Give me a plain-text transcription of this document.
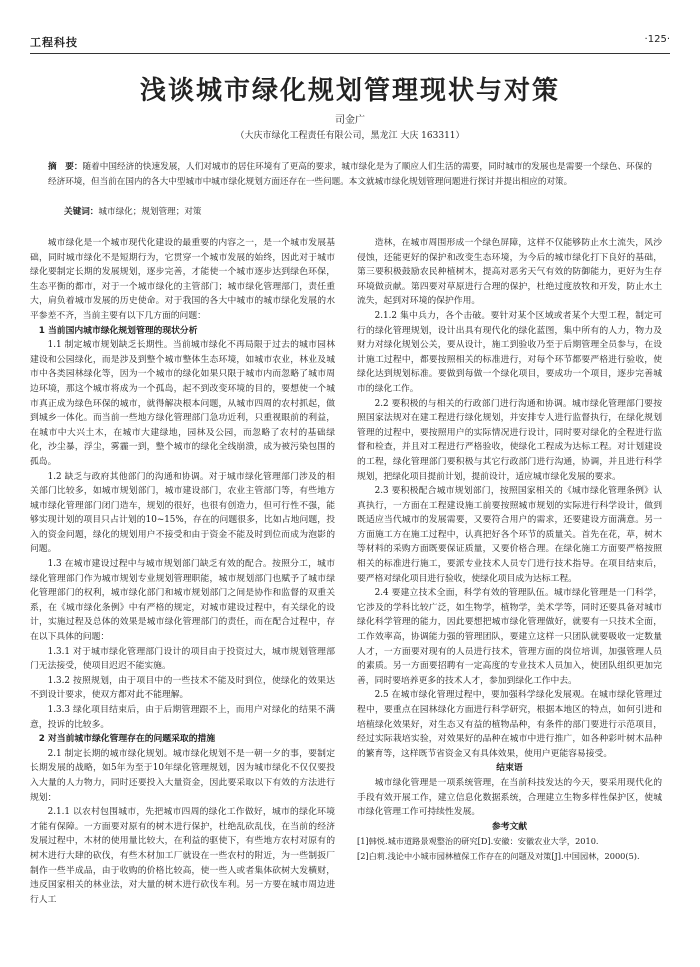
工程科技	·125·
浅谈城市绿化规划管理现状与对策
司金广
（大庆市绿化工程责任有限公司，黑龙江 大庆 163311）
摘　要：随着中国经济的快速发展，人们对城市的居住环境有了更高的要求，城市绿化是为了顺应人们生活的需要，同时城市的发展也是需要一个绿色、环保的经济环境，但当前在国内的各大中型城市中城市绿化规划方面还存在一些问题。本文就城市绿化规划管理问题进行探讨并提出相应的对策。
关键词：城市绿化；规划管理；对策

城市绿化是一个城市现代化建设的最重要的内容之一，是一个城市发展基础，同时城市绿化不是短期行为，它贯穿一个城市发展的始终，因此对于城市绿化要制定长期的发展规划，逐步完善，才能使一个城市逐步达到绿色环保，生态平衡的都市，对于一个城市绿化的主管部门；城市绿化管理部门，责任重大，肩负着城市发展的历史使命。对于我国的各大中城市的城市绿化发展的水平参差不齐，当前主要有以下几方面的问题：

1 当前国内城市绿化规划管理的现状分析

1.1 制定城市规划缺乏长期性。当前城市绿化不再局限于过去的城市园林建设和公园绿化，而是涉及到整个城市整体生态环境，如城市农业，林业及城市中各类园林绿化等，因为一个城市的绿化如果只限于城市内而忽略了城市周边环境，那这个城市将成为一个孤岛，起不到改变环境的目的，要想使一个城市真正成为绿色环保的城市，就得解决根本问题，从城市四周的农村抓起，做到城乡一体化。而当前一些地方绿化管理部门急功近利，只重视眼前的利益，在城市中大兴土木，在城市大建绿地，园林及公园，而忽略了农村的基础绿化，沙尘暴，浮尘，雾霾一到，整个城市的绿化全线崩溃，成为被污染包围的孤岛。

1.2 缺乏与政府其他部门的沟通和协调。对于城市绿化管理部门涉及的相关部门比较多，如城市规划部门，城市建设部门，农业主管部门等，有些地方城市绿化管理部门闭门造车，规划的很好，也很有创造力，但可行性不强，能够实现计划的项目只占计划的10~15%，存在的问题很多，比如占地问题，投入的资金问题，绿化的规划用户不接受和由于资金不能及时到位而成为泡影的问题。

1.3 在城市建设过程中与城市规划部门缺乏有效的配合。按照分工，城市绿化管理部门作为城市规划专业规划管理职能，城市规划部门也赋予了城市绿化管理部门的权利，城市绿化部门和城市规划部门之间是协作和监督的双重关系，在《城市绿化条例》中有严格的规定，对城市建设过程中，有关绿化的设计，实施过程及总体的效果是城市绿化管理部门的责任，而在配合过程中，存在以下具体的问题：

1.3.1 对于城市绿化管理部门设计的项目由于投资过大，城市规划管理部门无法接受，使项目迟迟不能实施。

1.3.2 按照规划，由于项目中的一些技术不能及时到位，使绿化的效果达不到设计要求，使双方都对此不能理解。

1.3.3 绿化项目结束后，由于后期管理跟不上，而用户对绿化的结果不满意，投诉的比较多。

2 对当前城市绿化管理存在的问题采取的措施

2.1 制定长期的城市绿化规划。城市绿化规划不是一朝一夕的事，要制定长期发展的战略，如5年为至于10年绿化管理规划，因为城市绿化不仅仅要投入大量的人力物力，同时还要投入大量资金，因此要采取以下有效的方法进行规划：

2.1.1 以农村包围城市，先把城市四周的绿化工作做好，城市的绿化环境才能有保障。一方面要对原有的树木进行保护，杜绝乱砍乱伐，在当前的经济发展过程中，木材的使用量比较大，在利益的驱使下，有些地方农村对原有的树木进行大肆的砍伐，有些木材加工厂就设在一些农村的附近，为一些制扳厂制作一些半成品，由于收购的价格比较高，使一些人或者集体砍树大发横财，违反国家相关的林业法，对大量的树木进行砍伐车利。另一方要在城市周边进行人工

造林，在城市周围形成一个绿色屏障，这样不仅能够防止水土流失，风沙侵蚀，还能更好的保护和改变生态环境，为今后的城市绿化打下良好的基础，第三要积极鼓励农民种植树木，提高对恶劣天气有效的防御能力，更好为生存环境做贡献。第四要对草原进行合理的保护，杜绝过度放牧和开发，防止水土流失，起到对环境的保护作用。

2.1.2 集中兵力，各个击破。要针对某个区域或者某个大型工程，制定可行的绿化管理规划，设计出具有现代化的绿化蓝图，集中所有的人力，物力及财力对绿化规划公关，要从设计，施工到验收乃至于后期管理全员参与，在设计施工过程中，都要按照相关的标准进行，对每个环节都要严格进行验收，使绿化达到规划标准。要做到每做一个绿化项目，要成功一个项目，逐步完善城市的绿化工作。

2.2 要积极的与相关的行政部门进行沟通和协调。城市绿化管理部门要按照国家法规对在建工程进行绿化规划，并安排专人进行监督执行，在绿化规划管理的过程中，要按照用户的实际情况进行设计，同时要对绿化的全程进行监督和检查，并且对工程进行严格验收，使绿化工程成为达标工程。对计划建设的工程，绿化管理部门要积极与其它行政部门进行沟通，协调，并且进行科学规划，把绿化项目提前计划，提前设计，适应城市绿化发展的要求。

2.3 要积极配合城市规划部门，按照国家相关的《城市绿化管理条例》认真执行，一方面在工程建设施工前要按照城市规划的实际进行科学设计，做到既适应当代城市的发展需要，又要符合用户的需求，还要建设方面满意。另一方面施工方在施工过程中，认真把好各个环节的质量关。首先在花，草，树木等材料的采购方面既要保证质量，又要价格合理。在绿化施工方面要严格按照相关的标准进行施工，要派专业技术人员专门进行技术指导。在项目结束后，要严格对绿化项目进行验收，使绿化项目成为达标工程。

2.4 要建立技术全面，科学有效的管理队伍。城市绿化管理是一门科学，它涉及的学科比较广泛，如生物学，植物学，美术学等，同时还要具备对城市绿化科学管理的能力，因此要想把城市绿化管理做好，就要有一只技术全面，工作效率高，协调能力强的管理团队，要建立这样一只团队就要吸收一定数量人才，一方面要对现有的人员进行技术，管理方面的岗位培训，加强管理人员的素质。另一方面要招聘有一定高度的专业技术人员加入，使团队组织更加完善，同时要培养更多的技术人才，参加到绿化工作中去。

2.5 在城市绿化管理过程中，要加强科学绿化发展观。在城市绿化管理过程中，要重点在园林绿化方面进行科学研究，根据本地区的特点，如何引进和培植绿化效果好，对生态又有益的植物品种，有条件的部门要进行示范项目，经过实际栽培实验，对效果好的品种在城市中进行推广，如各种彩叶树木品种的繁育等，这样既节省资金又有具体效果，使用户更能容易接受。

结束语

城市绿化管理是一项系统管理，在当前科技发达的今天，要采用现代化的手段有效开展工作，建立信息化数据系统，合理建立生物多样性保护区，使城市绿化管理工作可持续性发展。

参考文献

[1]韩悦.城市道路景观整治的研究[D].安徽：安徽农业大学，2010.

[2]白莉.浅论中小城市园林植保工作存在的问题及对策[J].中国园林，2000(5).
